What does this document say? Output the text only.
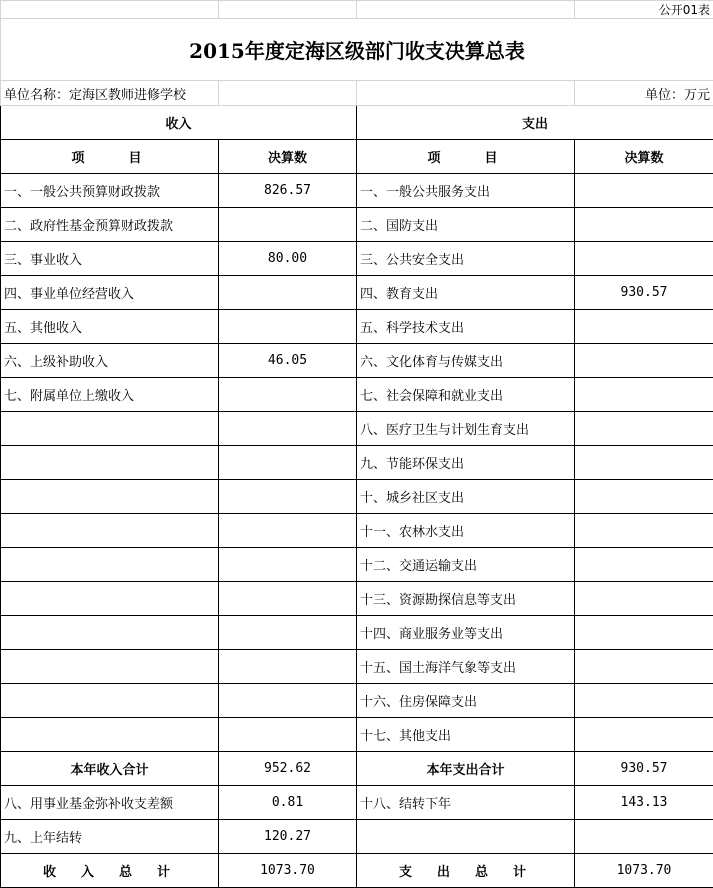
			公开01表
2015年度定海区级部门收支决算总表			
单位名称：定海区教师进修学校			单位：万元
收入		支出	
项　　目	决算数	项　　目	决算数
一、一般公共预算财政拨款	826.57	一、一般公共服务支出	
二、政府性基金预算财政拨款		二、国防支出	
三、事业收入	80.00	三、公共安全支出	
四、事业单位经营收入		四、教育支出	930.57
五、其他收入		五、科学技术支出	
六、上级补助收入	46.05	六、文化体育与传媒支出	
七、附属单位上缴收入		七、社会保障和就业支出	
		八、医疗卫生与计划生育支出	
		九、节能环保支出	
		十、城乡社区支出	
		十一、农林水支出	
		十二、交通运输支出	
		十三、资源勘探信息等支出	
		十四、商业服务业等支出	
		十五、国土海洋气象等支出	
		十六、住房保障支出	
		十七、其他支出	
本年收入合计	952.62	本年支出合计	930.57
八、用事业基金弥补收支差额	0.81	十八、结转下年	143.13
九、上年结转	120.27		
收　入　总　计	1073.70	支　出　总　计	1073.70
